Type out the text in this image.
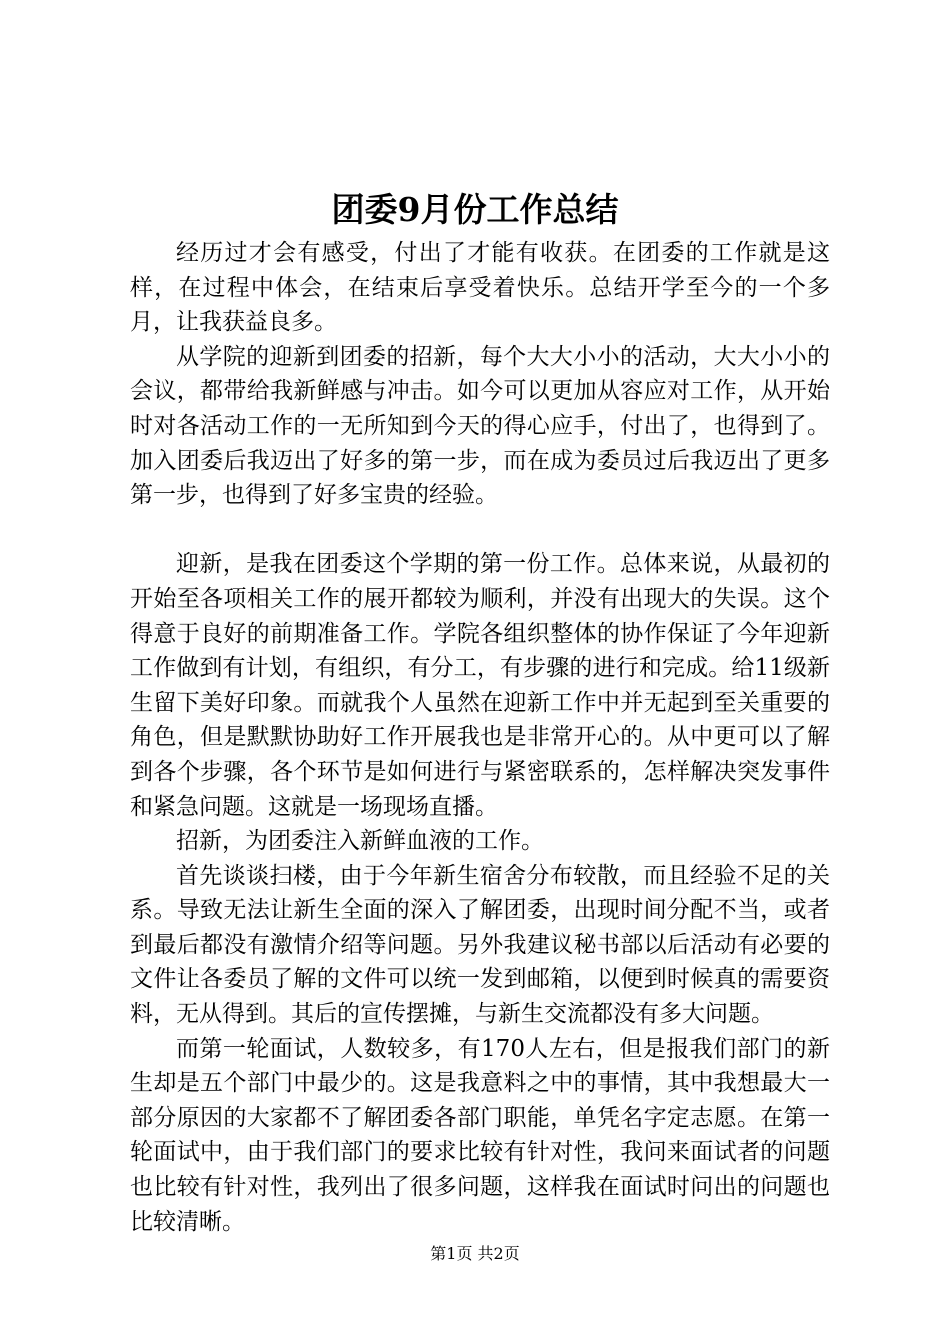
团委9月份工作总结

经历过才会有感受，付出了才能有收获。在团委的工作就是这样，在过程中体会，在结束后享受着快乐。总结开学至今的一个多月，让我获益良多。

从学院的迎新到团委的招新，每个大大小小的活动，大大小小的会议，都带给我新鲜感与冲击。如今可以更加从容应对工作，从开始时对各活动工作的一无所知到今天的得心应手，付出了，也得到了。加入团委后我迈出了好多的第一步，而在成为委员过后我迈出了更多第一步，也得到了好多宝贵的经验。

迎新，是我在团委这个学期的第一份工作。总体来说，从最初的开始至各项相关工作的展开都较为顺利，并没有出现大的失误。这个得意于良好的前期准备工作。学院各组织整体的协作保证了今年迎新工作做到有计划，有组织，有分工，有步骤的进行和完成。给11级新生留下美好印象。而就我个人虽然在迎新工作中并无起到至关重要的角色，但是默默协助好工作开展我也是非常开心的。从中更可以了解到各个步骤，各个环节是如何进行与紧密联系的，怎样解决突发事件和紧急问题。这就是一场现场直播。

招新，为团委注入新鲜血液的工作。

首先谈谈扫楼，由于今年新生宿舍分布较散，而且经验不足的关系。导致无法让新生全面的深入了解团委，出现时间分配不当，或者到最后都没有激情介绍等问题。另外我建议秘书部以后活动有必要的文件让各委员了解的文件可以统一发到邮箱，以便到时候真的需要资料，无从得到。其后的宣传摆摊，与新生交流都没有多大问题。

而第一轮面试，人数较多，有170人左右，但是报我们部门的新生却是五个部门中最少的。这是我意料之中的事情，其中我想最大一部分原因的大家都不了解团委各部门职能，单凭名字定志愿。在第一轮面试中，由于我们部门的要求比较有针对性，我问来面试者的问题也比较有针对性，我列出了很多问题，这样我在面试时问出的问题也比较清晰。

第1页 共2页
